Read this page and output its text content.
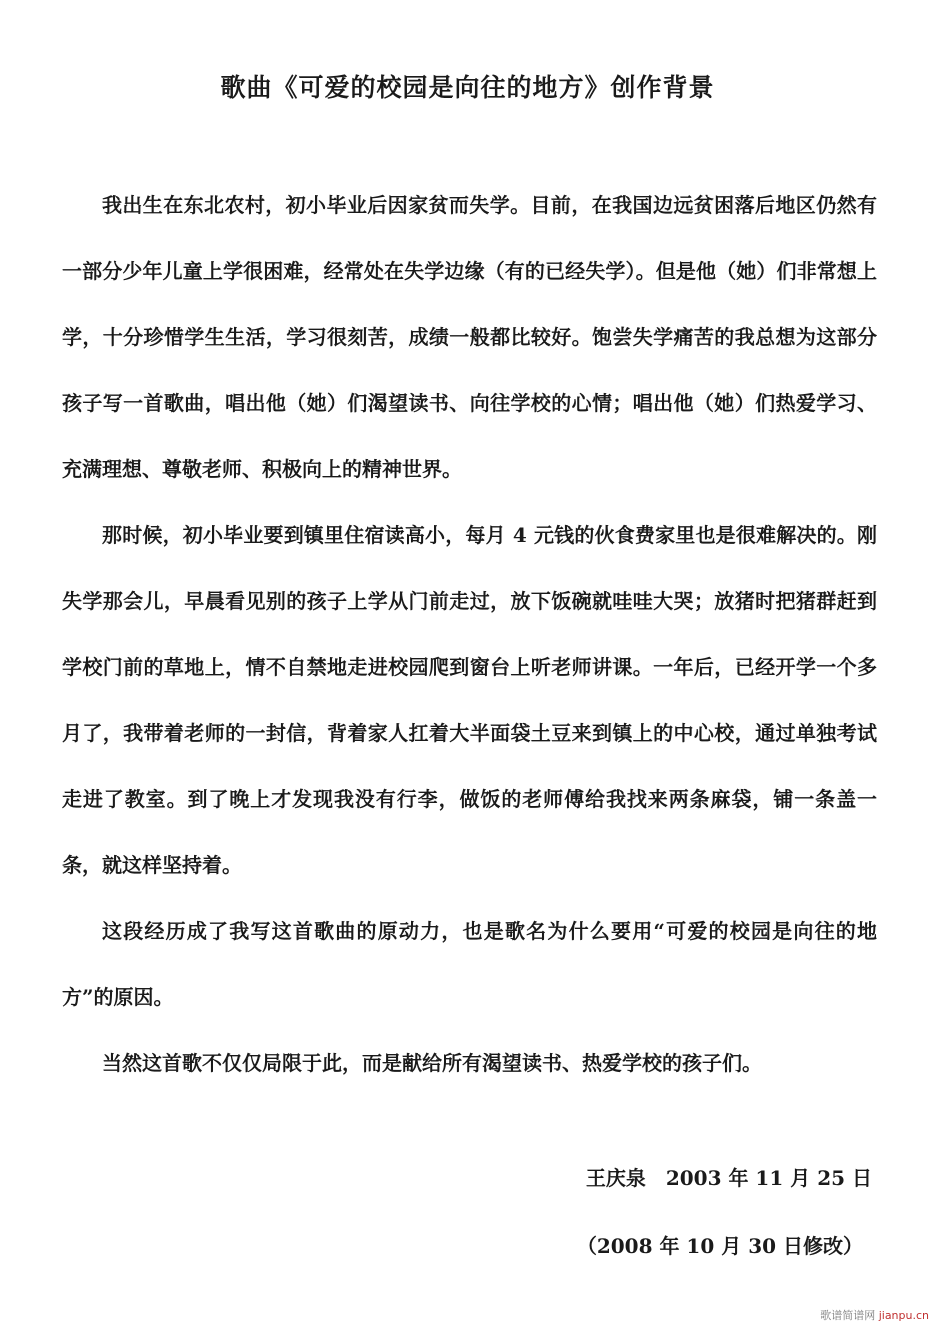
歌曲《可爱的校园是向往的地方》创作背景

我出生在东北农村，初小毕业后因家贫而失学。目前，在我国边远贫困落后地区仍然有一部分少年儿童上学很困难，经常处在失学边缘（有的已经失学）。但是他（她）们非常想上学，十分珍惜学生生活，学习很刻苦，成绩一般都比较好。饱尝失学痛苦的我总想为这部分孩子写一首歌曲，唱出他（她）们渴望读书、向往学校的心情；唱出他（她）们热爱学习、充满理想、尊敬老师、积极向上的精神世界。

那时候，初小毕业要到镇里住宿读高小，每月 4 元钱的伙食费家里也是很难解决的。刚失学那会儿，早晨看见别的孩子上学从门前走过，放下饭碗就哇哇大哭；放猪时把猪群赶到学校门前的草地上，情不自禁地走进校园爬到窗台上听老师讲课。一年后，已经开学一个多月了，我带着老师的一封信，背着家人扛着大半面袋土豆来到镇上的中心校，通过单独考试走进了教室。到了晚上才发现我没有行李，做饭的老师傅给我找来两条麻袋，铺一条盖一条，就这样坚持着。

这段经历成了我写这首歌曲的原动力，也是歌名为什么要用“可爱的校园是向往的地方”的原因。

当然这首歌不仅仅局限于此，而是献给所有渴望读书、热爱学校的孩子们。

王庆泉　2003 年 11 月 25 日
（2008 年 10 月 30 日修改）
歌谱简谱网 jianpu.cn
